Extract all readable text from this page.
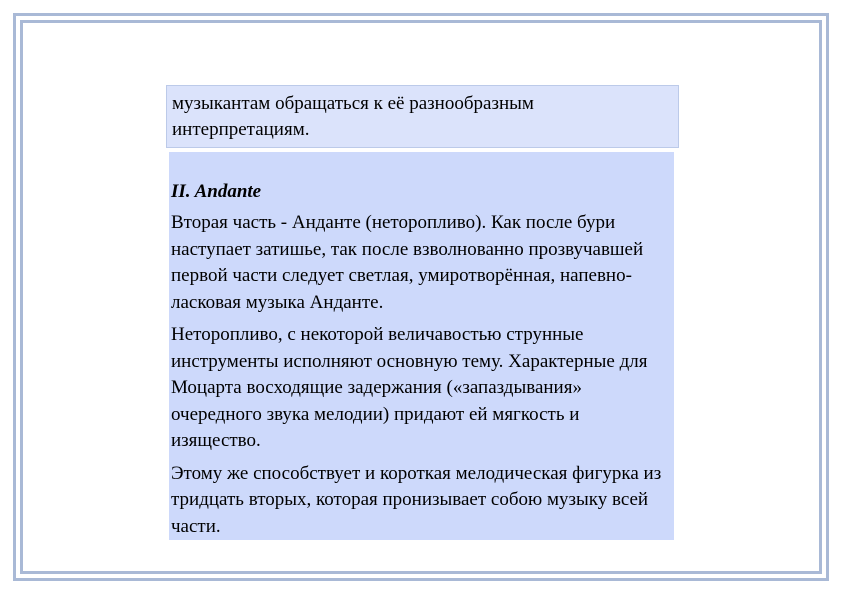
музыкантам обращаться к её разнообразным интерпретациям.

II. Andante

Вторая часть - Анданте (неторопливо). Как после бури наступает затишье, так после взволнованно прозвучавшей первой части следует светлая, умиротворённая, напевно-ласковая музыка Анданте.

Неторопливо, с некоторой величавостью струнные инструменты исполняют основную тему. Характерные для Моцарта восходящие задержания («запаздывания» очередного звука мелодии) придают ей мягкость и изящество.

Этому же способствует и короткая мелодическая фигурка из тридцать вторых, которая пронизывает собою музыку всей части.
